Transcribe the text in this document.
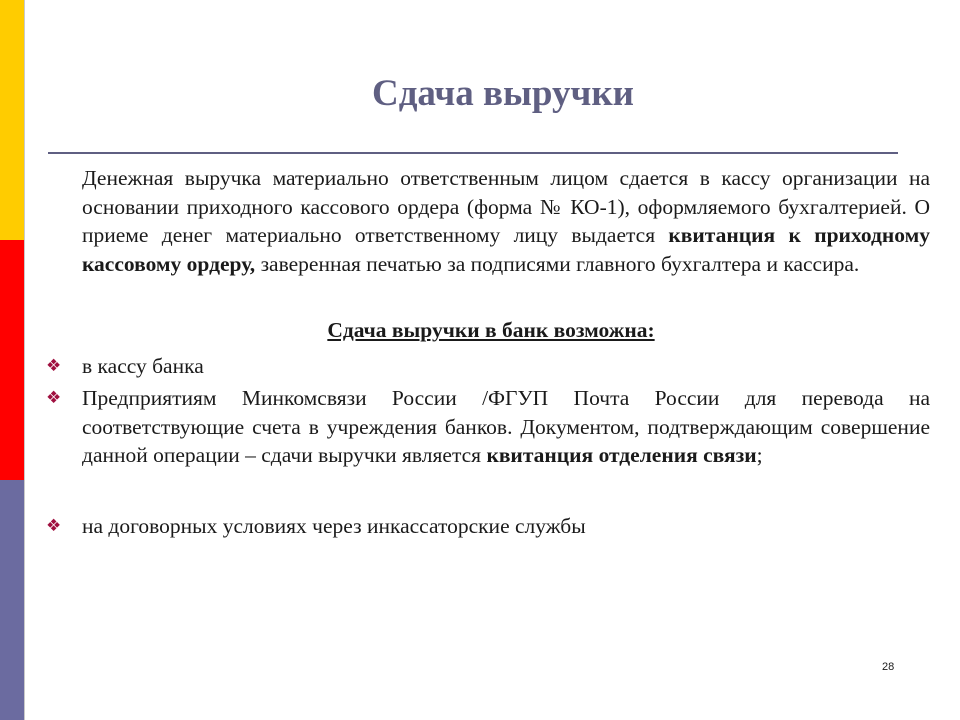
Сдача выручки

Денежная выручка материально ответственным лицом сдается в кассу организации на основании приходного кассового ордера (форма № КО-1), оформляемого бухгалтерией. О приеме денег материально ответственному лицу выдается квитанция к приходному кассовому ордеру, заверенная печатью за подписями главного бухгалтера и кассира.

Сдача выручки в банк возможна:

❖ в кассу банка

❖ Предприятиям Минкомсвязи России /ФГУП Почта России для перевода на соответствующие счета в учреждения банков. Документом, подтверждающим совершение данной операции – сдачи выручки является квитанция отделения связи;

❖ на договорных условиях через инкассаторские службы

28
